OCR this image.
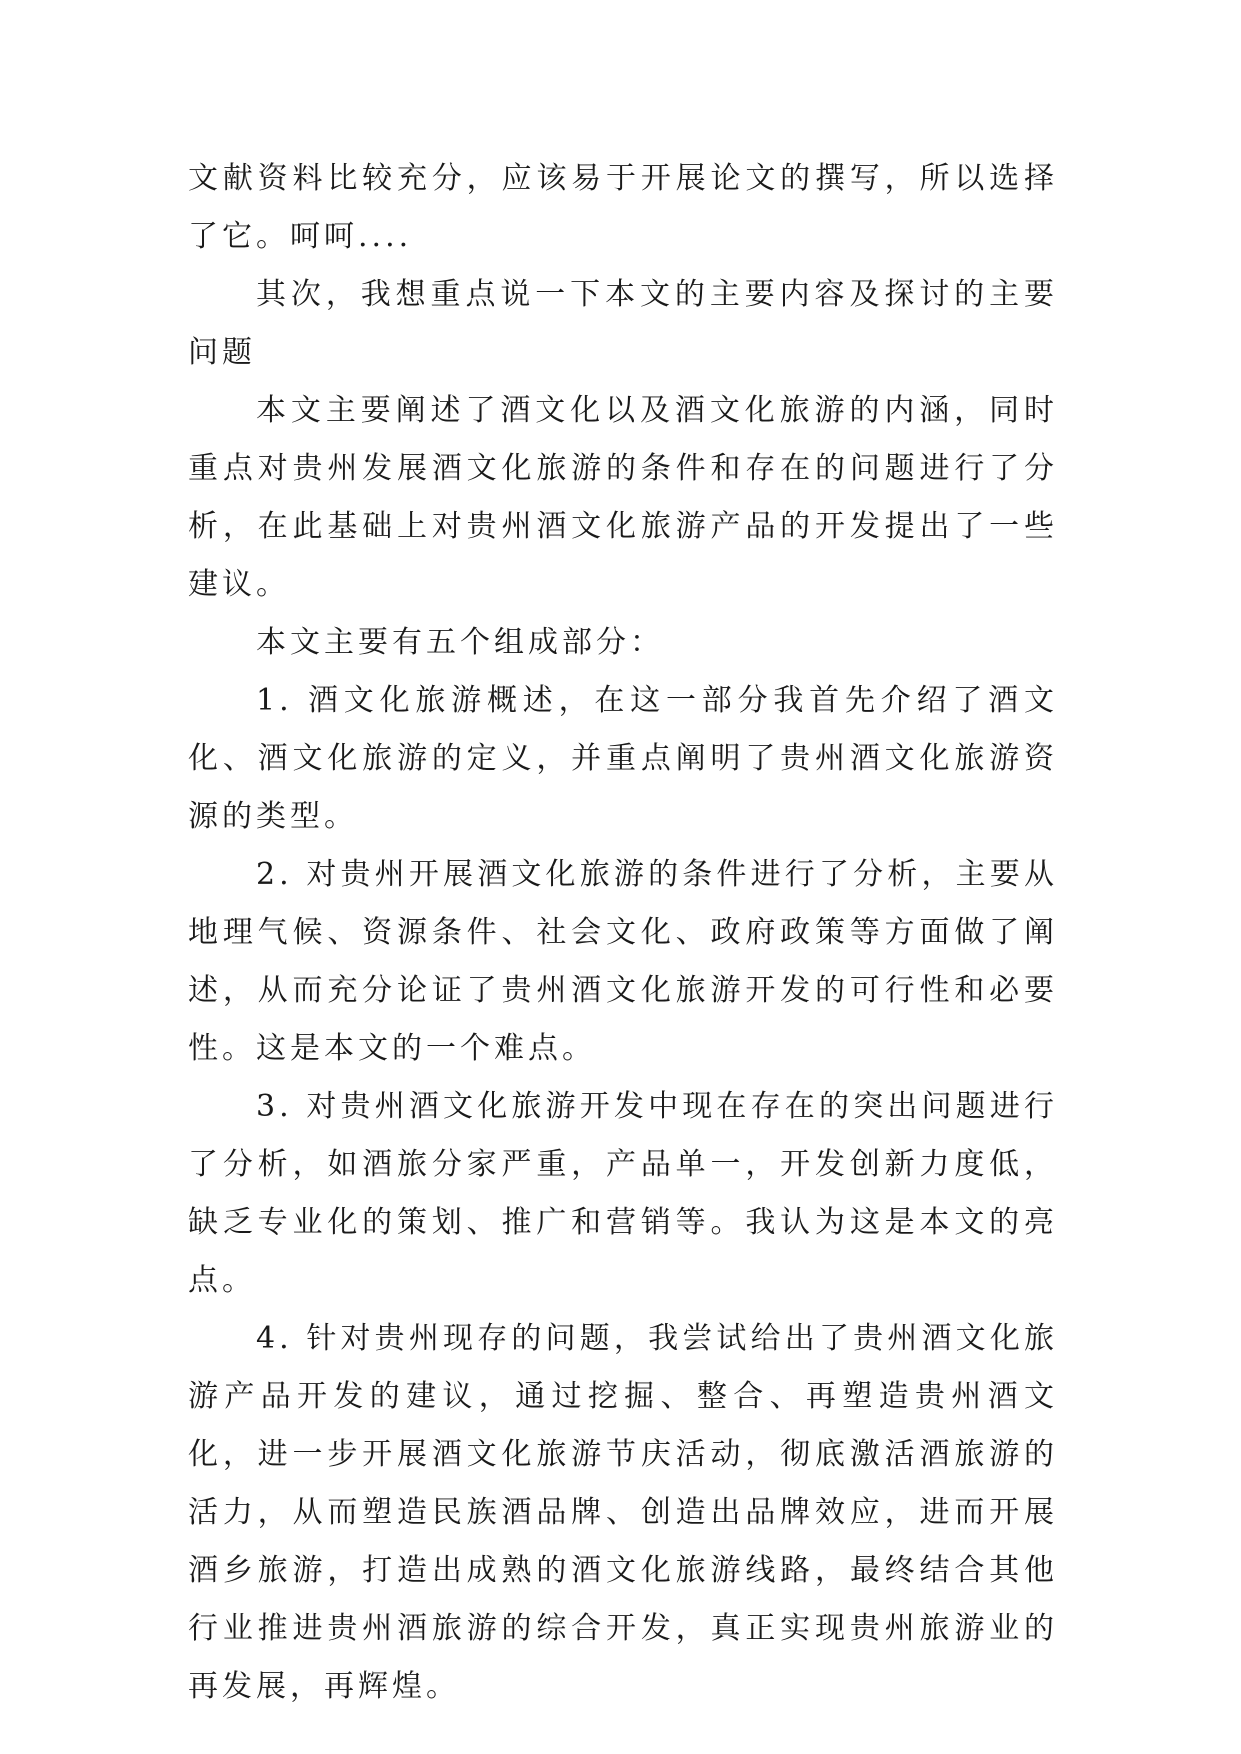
文献资料比较充分，应该易于开展论文的撰写，所以选择了它。呵呵....

其次，我想重点说一下本文的主要内容及探讨的主要问题

本文主要阐述了酒文化以及酒文化旅游的内涵，同时重点对贵州发展酒文化旅游的条件和存在的问题进行了分析，在此基础上对贵州酒文化旅游产品的开发提出了一些建议。

本文主要有五个组成部分：

1. 酒文化旅游概述，在这一部分我首先介绍了酒文化、酒文化旅游的定义，并重点阐明了贵州酒文化旅游资源的类型。

2. 对贵州开展酒文化旅游的条件进行了分析，主要从地理气候、资源条件、社会文化、政府政策等方面做了阐述，从而充分论证了贵州酒文化旅游开发的可行性和必要性。这是本文的一个难点。

3. 对贵州酒文化旅游开发中现在存在的突出问题进行了分析，如酒旅分家严重，产品单一，开发创新力度低，缺乏专业化的策划、推广和营销等。我认为这是本文的亮点。

4. 针对贵州现存的问题，我尝试给出了贵州酒文化旅游产品开发的建议，通过挖掘、整合、再塑造贵州酒文化，进一步开展酒文化旅游节庆活动，彻底激活酒旅游的活力，从而塑造民族酒品牌、创造出品牌效应，进而开展酒乡旅游，打造出成熟的酒文化旅游线路，最终结合其他行业推进贵州酒旅游的综合开发，真正实现贵州旅游业的再发展，再辉煌。
